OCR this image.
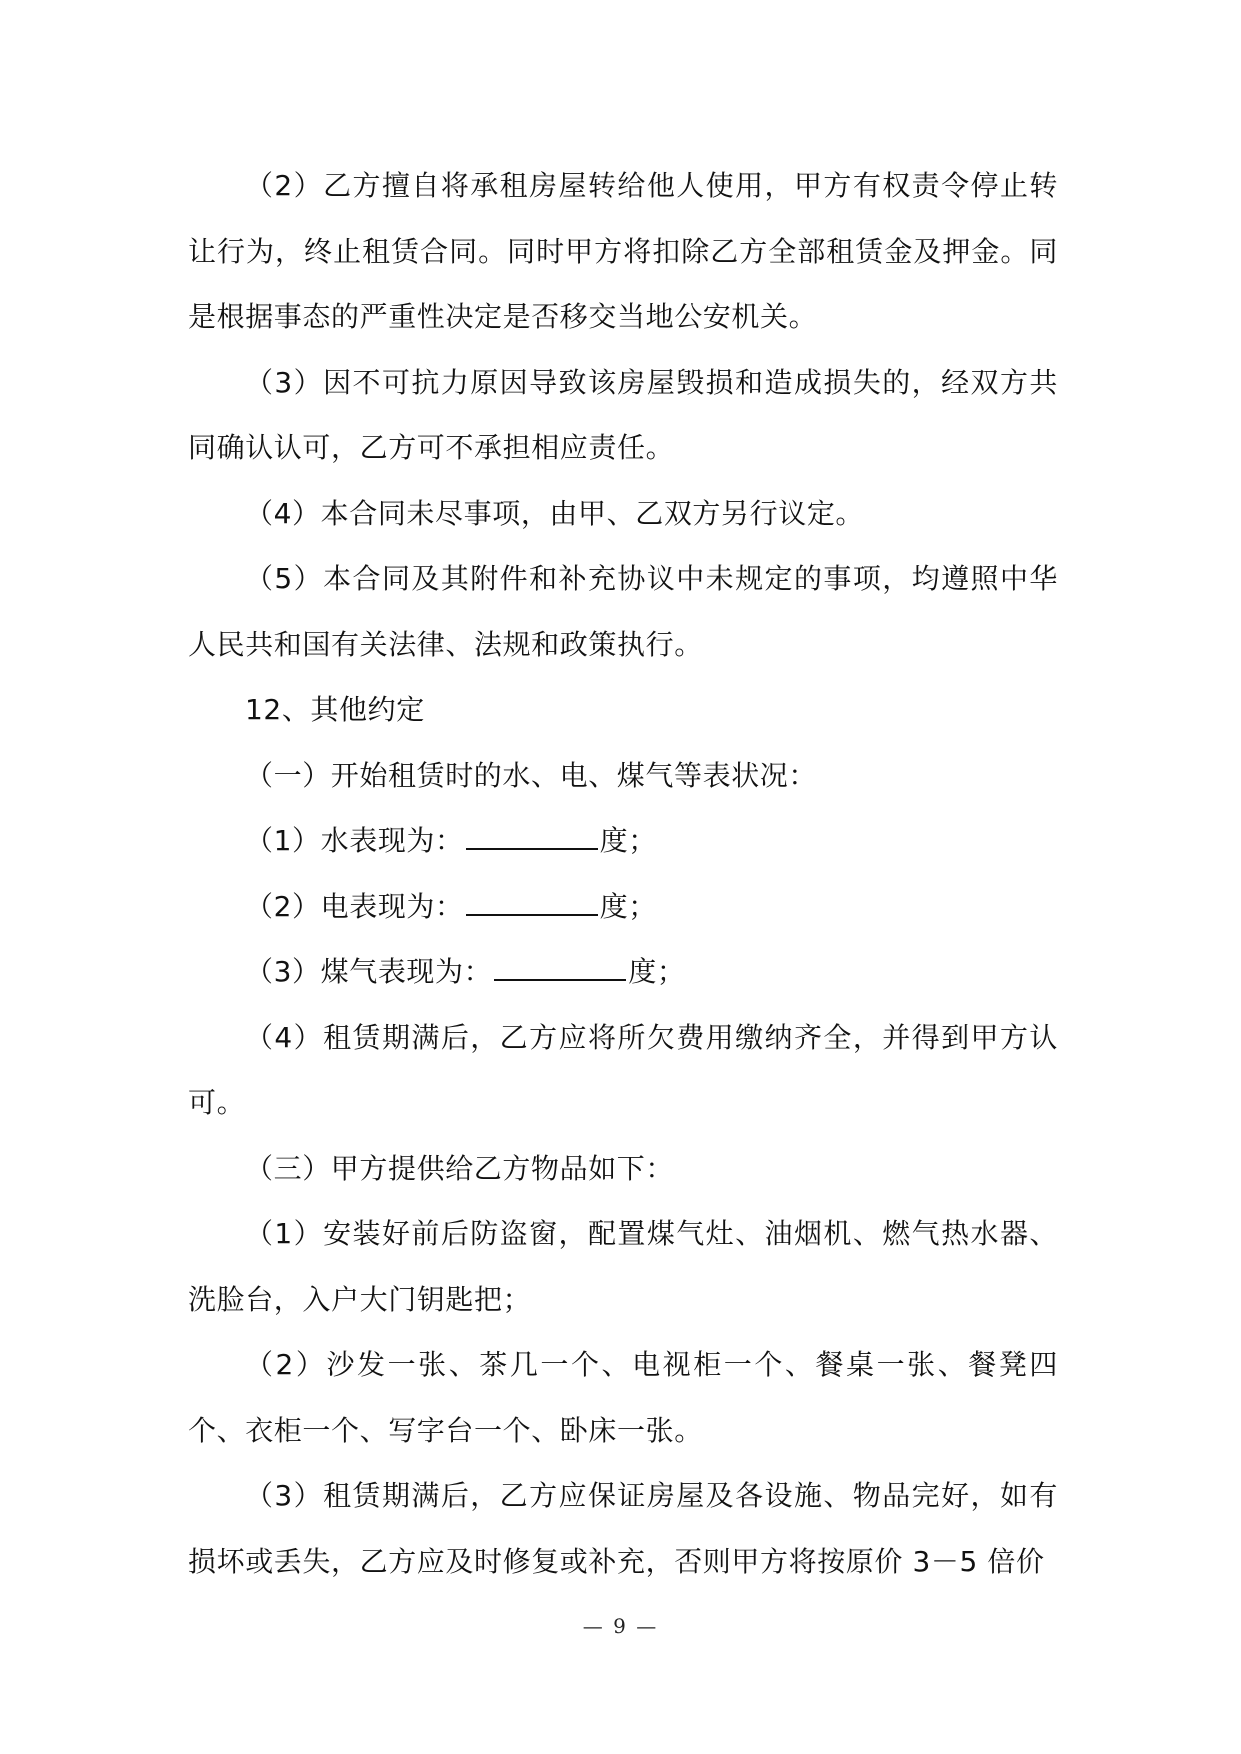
（2）乙方擅自将承租房屋转给他人使用，甲方有权责令停止转让行为，终止租赁合同。同时甲方将扣除乙方全部租赁金及押金。同是根据事态的严重性决定是否移交当地公安机关。

（3）因不可抗力原因导致该房屋毁损和造成损失的，经双方共同确认认可，乙方可不承担相应责任。

（4）本合同未尽事项，由甲、乙双方另行议定。

（5）本合同及其附件和补充协议中未规定的事项，均遵照中华人民共和国有关法律、法规和政策执行。

12、其他约定

（一）开始租赁时的水、电、煤气等表状况：

（1）水表现为：	度；

（2）电表现为：	度；

（3）煤气表现为：	度；

（4）租赁期满后，乙方应将所欠费用缴纳齐全，并得到甲方认可。

（三）甲方提供给乙方物品如下：

（1）安装好前后防盗窗，配置煤气灶、油烟机、燃气热水器、洗脸台，入户大门钥匙把；

（2）沙发一张、茶几一个、电视柜一个、餐桌一张、餐凳四个、衣柜一个、写字台一个、卧床一张。

（3）租赁期满后，乙方应保证房屋及各设施、物品完好，如有损坏或丢失，乙方应及时修复或补充，否则甲方将按原价 3－5 倍价

— 9 —
